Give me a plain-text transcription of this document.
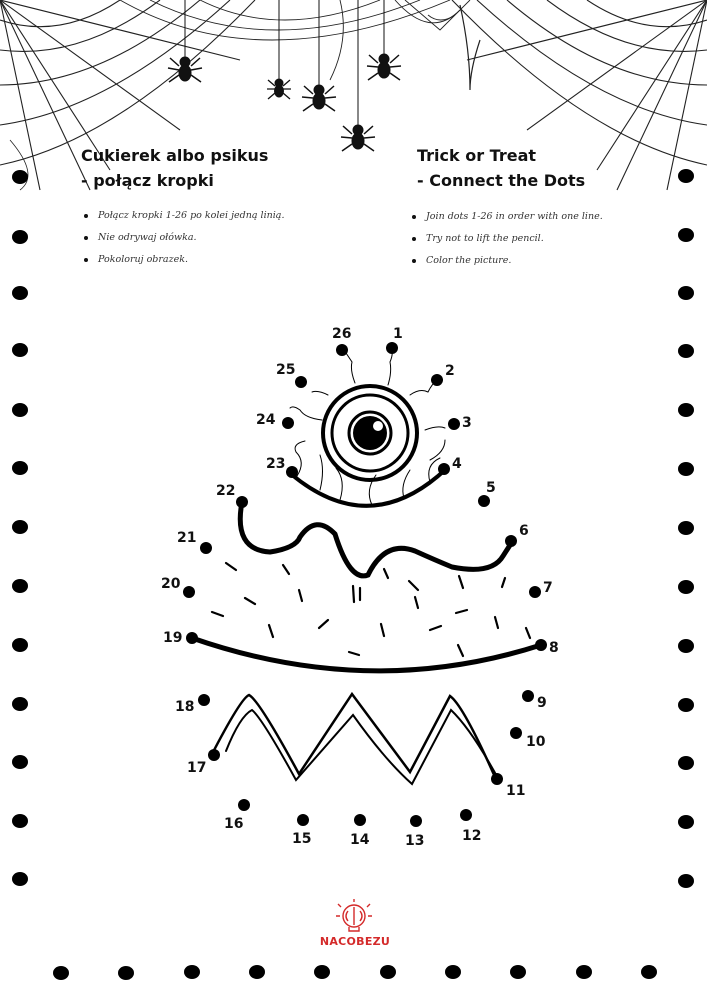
1
2
3
4
5
6
7
8
9
10
11
12
13
14
15
16
17
18
19
20
21
22
23
24
25
26
Cukierek albo psikus
- połącz kropki
Trick or Treat
- Connect the Dots
Połącz kropki 1-26 po kolei jedną linią.
Nie odrywaj ołówka.
Pokoloruj obrazek.
Join dots 1-26 in order with one line.
Try not to lift the pencil.
Color the picture.
NACOBEZU
